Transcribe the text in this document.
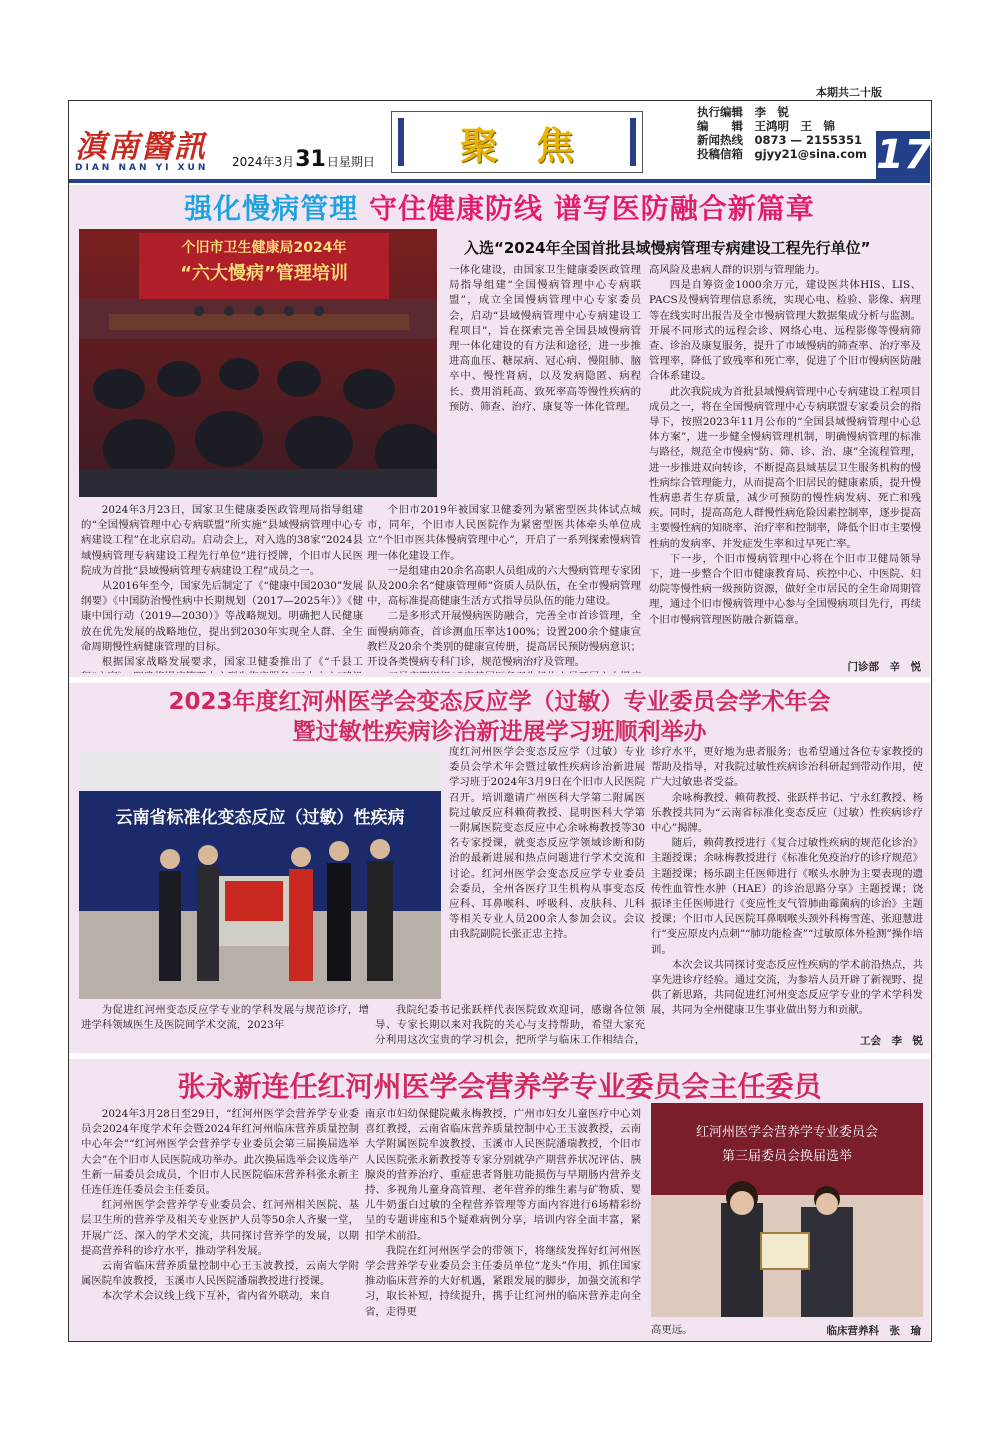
本期共二十版
滇南醫訊
DIAN NAN YI XUN	2024年3月31日星期日 聚焦
执行编辑　李　锐
编　　辑　王鸿明　王　锦
新闻热线　0873 — 2155351
投稿信箱　gjyy21@sina.com 17
强化慢病管理 守住健康防线 谱写医防融合新篇章
入选“2024年全国首批县域慢病管理专病建设工程先行单位”
个旧市卫生健康局2024年
“六大慢病”管理培训

2024年3月23日，国家卫生健康委医政管理局指导组建的“全国慢病管理中心专病联盟”所实施“县域慢病管理中心专病建设工程”在北京启动。启动会上，对入选的38家“2024县域慢病管理专病建设工程先行单位”进行授牌，个旧市人民医院成为首批“县域慢病管理专病建设工程”成员之一。

从2016年至今，国家先后制定了《“健康中国2030”发展纲要》《中国防治慢性病中长期规划（2017—2025年）》《健康中国行动（2019—2030）》等战略规划。明确把人民健康放在优先发展的战略地位，提出到2030年实现全人群、全生命周期慢性病健康管理的目标。

根据国家战略发展要求，国家卫健委推出了《“千县工

一体化建设，由国家卫生健康委医政管理局指导组建“全国慢病管理中心专病联盟”，成立全国慢病管理中心专家委员会，启动“县域慢病管理中心专病建设工程项目”，旨在探索完善全国县域慢病管理一体化建设的有方法和途径，进一步推进高血压、糖尿病、冠心病、慢阻肺、脑卒中、慢性肾病，以及发病隐匿、病程长、费用消耗高、致死率高等慢性疾病的预防、筛查、治疗、康复等一体化管理。

个旧市2019年被国家卫健委列为紧密型医共体试点城市，同年，个旧市人民医院作为紧密型医共体牵头单位成立“个旧市医共体慢病管理中心”，开启了一系列探索慢病管理一体化建设工作。

一是组建由20余名高职人员组成的六大慢病管理专家团队及200余名“健康管理师”资质人员队伍，在全市慢病管理中，高标准提高健康生活方式指导员队伍的能力建设。

二是多形式开展慢病医防融合，完善全市首诊管理，全面慢病筛查，首诊测血压率达100%；设置200余个健康宣教栏及20余个类别的健康宣传册，提高居民预防慢病意识；开设各类慢病专科门诊，规范慢病治疗及管理。

高风险及患病人群的识别与管理能力。

四是自筹资金1000余万元，建设医共体HIS、LIS、PACS及慢病管理信息系统，实现心电、检验、影像、病理等在线实时出报告及全市慢病管理大数据集成分析与监测。开展不同形式的远程会诊、网络心电、远程影像等慢病筛查、诊治及康复服务，提升了市域慢病的筛查率、治疗率及管理率，降低了致残率和死亡率，促进了个旧市慢病医防融合体系建设。

此次我院成为首批县域慢病管理中心专病建设工程项目成员之一，将在全国慢病管理中心专病联盟专家委员会的指导下，按照2023年11月公布的“全国县域慢病管理中心总体方案”，进一步健全慢病管理机制，明确慢病管理的标准与路径，规范全市慢病“防、筛、诊、治、康”全流程管理，进一步推进双向转诊，不断提高县域基层卫生服务机构的慢性病综合管理能力，从而提高个旧居民的健康素质，提升慢性病患者生存质量，减少可预防的慢性病发病、死亡和残疾。同时，提高高危人群慢性病危险因素控制率，逐步提高主要慢性病的知晓率、治疗率和控制率，降低个旧市主要慢性病的发病率、并发症发生率和过早死亡率。

下一步，个旧市慢病管理中心将在个旧市卫健局领导下，进一步整合个旧市健康教育局、疾控中心、中医院、妇幼院等慢性病一级预防资源，做好全市居民的全生命周期管理，通过个旧市慢病管理中心参与全国慢病项目先行，再续个旧市慢病管理医防融合新篇章。

门诊部　辛　悦
2023年度红河州医学会变态反应学（过敏）专业委员会学术年会
暨过敏性疾病诊治新进展学习班顺利举办
云南省标准化变态反应（过敏）性疾病

为促进红河州变态反应学专业的学科发展与规范诊疗，增进学科领域医生及医院间学术交流，2023年

度红河州医学会变态反应学（过敏）专业委员会学术年会暨过敏性疾病诊治新进展学习班于2024年3月9日在个旧市人民医院召开。培训邀请广州医科大学第二附属医院过敏反应科赖荷教授、昆明医科大学第一附属医院变态反应中心余咏梅教授等30名专家授课，就变态反应学领域诊断和防治的最新进展和热点问题进行学术交流和讨论。红河州医学会变态反应学专业委员会委员，全州各医疗卫生机构从事变态反应科、耳鼻喉科、呼吸科、皮肤科、儿科等相关专业人员200余人参加会议。会议由我院副院长张正忠主持。

我院纪委书记张跃样代表医院致欢迎词，感谢各位领导、专家长期以来对我院的关心与支持帮助，希望大家充分利用这次宝贵的学习机会，把所学与临床工作相结合，

诊疗水平，更好地为患者服务；也希望通过各位专家教授的帮助及指导，对我院过敏性疾病诊治科研起到带动作用，使广大过敏患者受益。

余咏梅教授、赖荷教授、张跃样书记、宁永红教授、杨乐教授共同为“云南省标准化变态反应（过敏）性疾病诊疗中心”揭牌。

随后，赖荷教授进行《复合过敏性疾病的规范化诊治》主题授课；余咏梅教授进行《标准化免疫治疗的诊疗规范》主题授课；杨乐副主任医师进行《喉头水肿为主要表现的遗传性血管性水肿（HAE）的诊治思路分享》主题授课；饶振译主任医师进行《变应性支气管肺曲霉菌病的诊治》主题授课；个旧市人民医院耳鼻咽喉头颈外科梅雪莲、张迎慧进行“变应原皮内点刺”“肺功能检查”“过敏原体外检测”操作培训。

本次会议共同探讨变态反应性疾病的学术前沿热点，共享先进诊疗经验。通过交流，为参培人员开辟了新视野、提供了新思路，共同促进红河州变态反应学专业的学术学科发展，共同为全州健康卫生事业做出努力和贡献。

工会　李　锐
张永新连任红河州医学会营养学专业委员会主任委员

2024年3月28日至29日，“红河州医学会营养学专业委员会2024年度学术年会暨2024年红河州临床营养质量控制中心年会”“红河州医学会营养学专业委员会第三届换届选举大会”在个旧市人民医院成功举办。此次换届选举会议选举产生新一届委员会成员，个旧市人民医院临床营养科张永新主任连任连任委员会主任委员。

红河州医学会营养学专业委员会、红河州相关医院、基层卫生所的营养学及相关专业医护人员等50余人齐聚一堂，开展广泛、深入的学术交流，共同探讨营养学的发展，以期提高营养科的诊疗水平，推动学科发展。

云南省临床营养质量控制中心王玉波教授，云南大学附属医院牟波教授，玉溪市人民医院潘瑞教授进行授课。

本次学术会议线上线下互补，省内省外联动，来自

南京市妇幼保健院戴永梅教授，广州市妇女儿童医疗中心刘喜红教授，云南省临床营养质量控制中心王玉波教授，云南大学附属医院牟波教授、玉溪市人民医院潘瑞教授，个旧市人民医院张永新教授等专家分别就孕产期营养状况评估、胰腺炎的营养治疗、重症患者肾脏功能损伤与早期肠内营养支持、多视角儿童身高管理、老年营养的维生素与矿物质、婴儿牛奶蛋白过敏的全程营养管理等方面内容进行6场精彩纷呈的专题讲座和5个疑难病例分享，培训内容全面丰富，紧扣学术前沿。

我院在红河州医学会的带领下，将继续发挥好红河州医学会营养学专业委员会主任委员单位“龙头”作用，抓住国家推动临床营养的大好机遇，紧跟发展的脚步，加强交流和学习，取长补短，持续提升，携手让红河州的临床营养走向全省，走得更

红河州医学会营养学专业委员会
第三届委员会换届选举

高更远。	临床营养科　张　瑜
